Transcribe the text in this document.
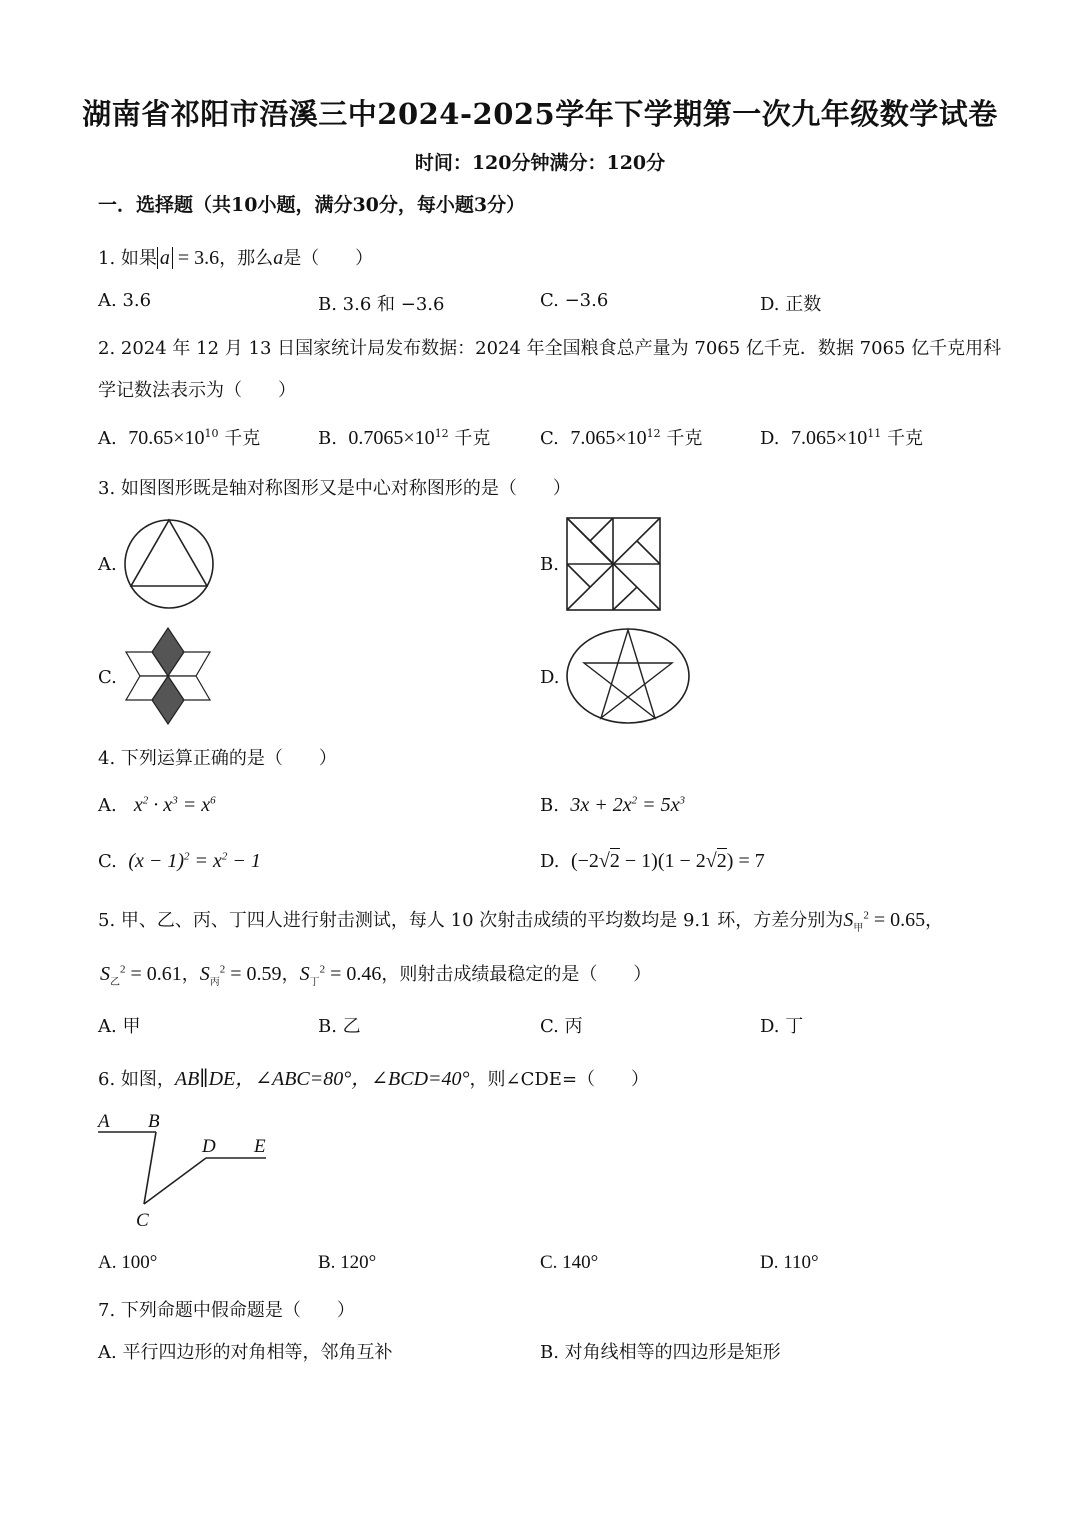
湖南省祁阳市浯溪三中2024-2025学年下学期第一次九年级数学试卷
时间：120分钟满分：120分
一．选择题（共10小题，满分30分，每小题3分）
1. 如果 a = 3.6，那么a是（　　）
A. 3.6	B. 3.6 和 −3.6	C. −3.6	D. 正数
2. 2024 年 12 月 13 日国家统计局发布数据：2024 年全国粮食总产量为 7065 亿千克．数据 7065 亿千克用科
学记数法表示为（　　）
A. $70.65\times 10^{10}$ 千克	B. $0.7065\times 10^{12}$ 千克	C. $7.065\times 10^{12}$ 千克	D. $7.065\times 10^{11}$ 千克
3. 如图图形既是轴对称图形又是中心对称图形的是（　　）
A.	B.
C.	D.
4. 下列运算正确的是（　　）
A. $x^2 \cdot x^3 = x^6$	B. $3x + 2x^2 = 5x^3$
C. $(x - 1)^2 = x^2 - 1$	D. (−2√2 − 1)(1 − 2√2) = 7
5. 甲、乙、丙、丁四人进行射击测试，每人 10 次射击成绩的平均数均是 9.1 环，方差分别为$S_甲^2 = 0.65$，
$S_乙^2 = 0.61$，$S_丙^2 = 0.59$，$S_丁^2 = 0.46$，则射击成绩最稳定的是（　　）
A. 甲	B. 乙	C. 丙	D. 丁
6. 如图，AB∥DE，∠ABC=80°，∠BCD=40°，则∠CDE=（　　）
A B
C
D E
A. 100°	B. 120°	C. 140°	D. 110°
7. 下列命题中假命题是（　　）
A. 平行四边形的对角相等，邻角互补	B. 对角线相等的四边形是矩形
